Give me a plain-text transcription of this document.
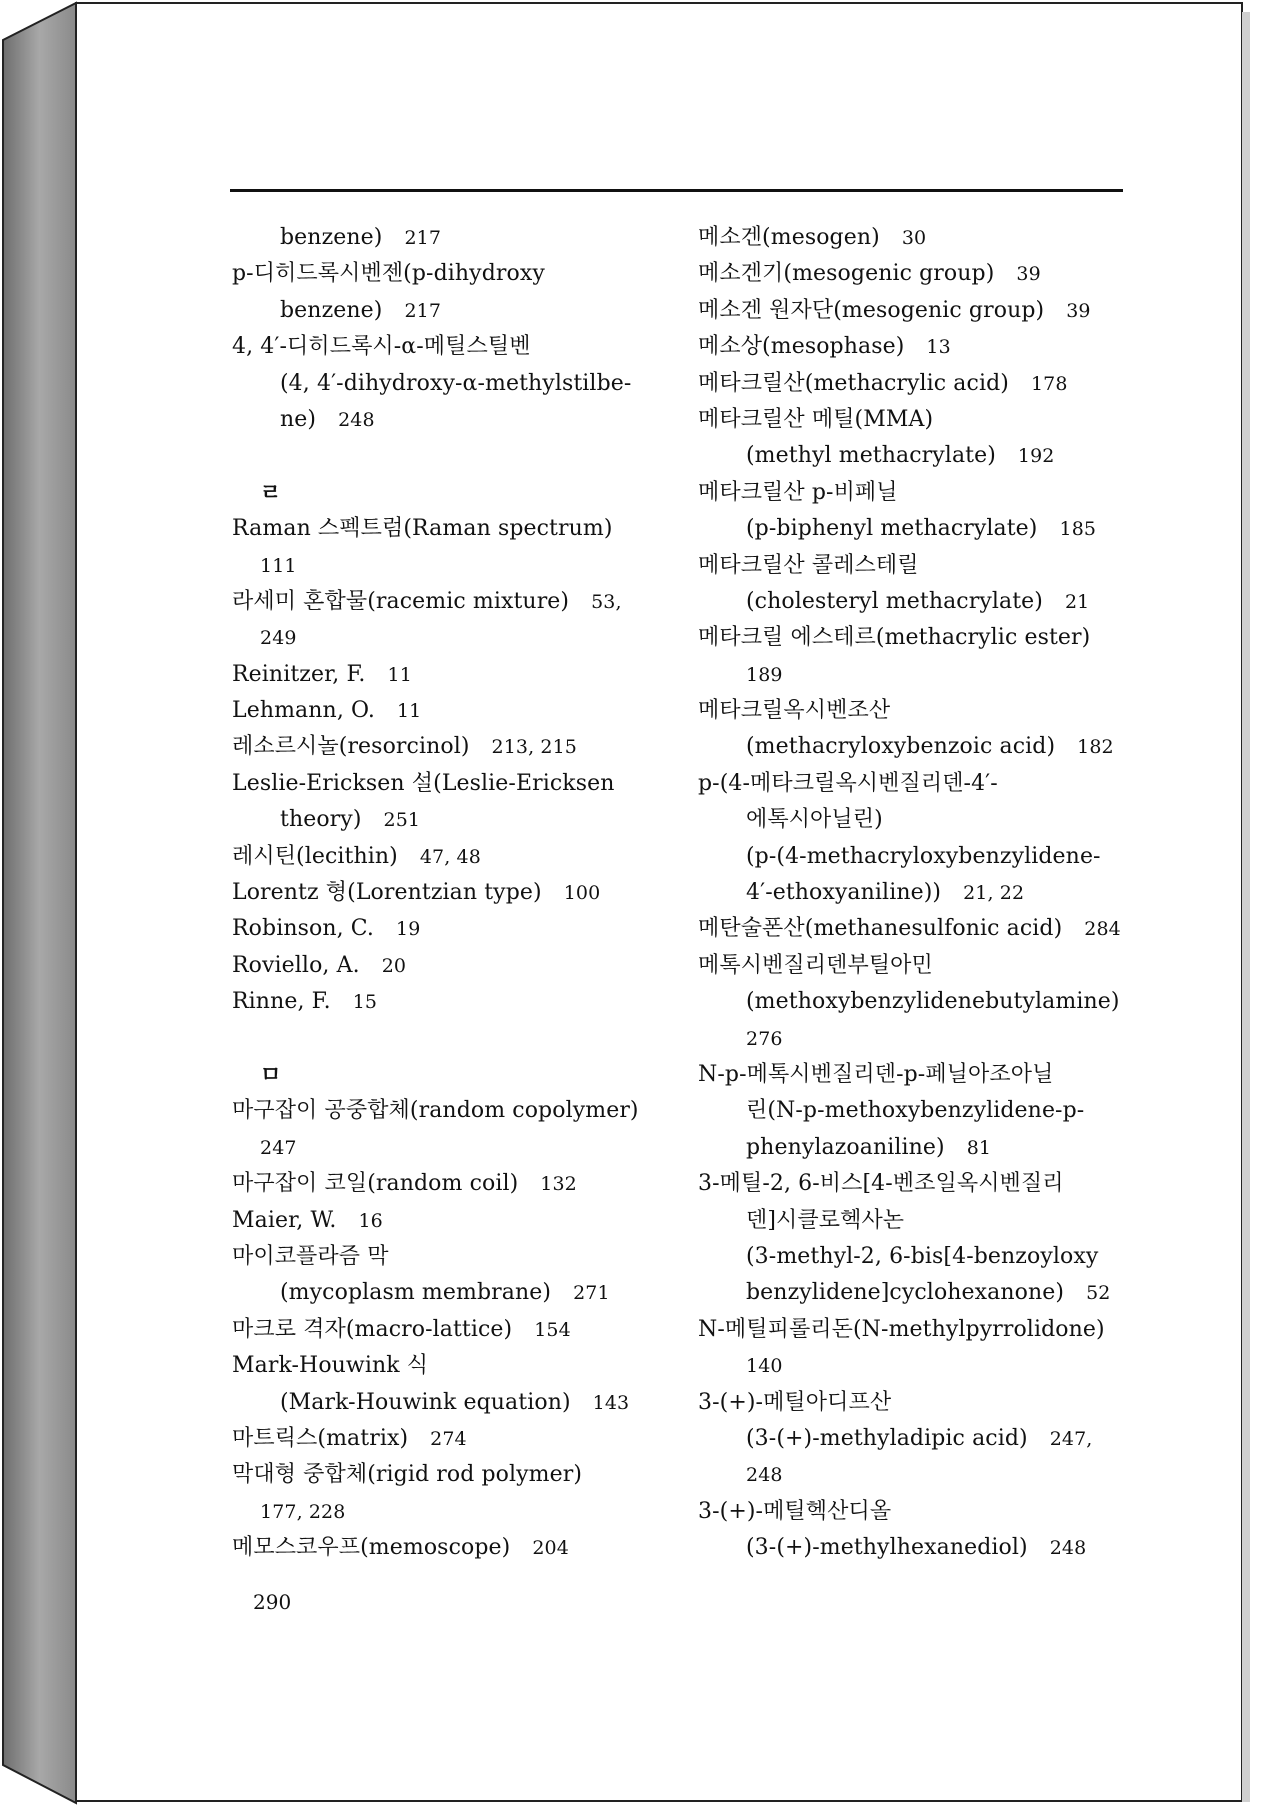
benzene) 217
p-디히드록시벤젠(p-dihydroxy
benzene) 217
4, 4′-디히드록시-α-메틸스틸벤
(4, 4′-dihydroxy-α-methylstilbe-
ne) 248
ㄹ
Raman 스펙트럼(Raman spectrum)
111
라세미 혼합물(racemic mixture) 53,
249
Reinitzer, F. 11
Lehmann, O. 11
레소르시놀(resorcinol) 213, 215
Leslie-Ericksen 설(Leslie-Ericksen
theory) 251
레시틴(lecithin) 47, 48
Lorentz 형(Lorentzian type) 100
Robinson, C. 19
Roviello, A. 20
Rinne, F. 15
ㅁ
마구잡이 공중합체(random copolymer)
247
마구잡이 코일(random coil) 132
Maier, W. 16
마이코플라즘 막
(mycoplasm membrane) 271
마크로 격자(macro-lattice) 154
Mark-Houwink 식
(Mark-Houwink equation) 143
마트릭스(matrix) 274
막대형 중합체(rigid rod polymer)
177, 228
메모스코우프(memoscope) 204
메소겐(mesogen) 30
메소겐기(mesogenic group) 39
메소겐 원자단(mesogenic group) 39
메소상(mesophase) 13
메타크릴산(methacrylic acid) 178
메타크릴산 메틸(MMA)
(methyl methacrylate) 192
메타크릴산 p-비페닐
(p-biphenyl methacrylate) 185
메타크릴산 콜레스테릴
(cholesteryl methacrylate) 21
메타크릴 에스테르(methacrylic ester)
189
메타크릴옥시벤조산
(methacryloxybenzoic acid) 182
p-(4-메타크릴옥시벤질리덴-4′-
에톡시아닐린)
(p-(4-methacryloxybenzylidene-
4′-ethoxyaniline)) 21, 22
메탄술폰산(methanesulfonic acid) 284
메톡시벤질리덴부틸아민
(methoxybenzylidenebutylamine)
276
N-p-메톡시벤질리덴-p-페닐아조아닐
린(N-p-methoxybenzylidene-p-
phenylazoaniline) 81
3-메틸-2, 6-비스[4-벤조일옥시벤질리
덴]시클로헥사논
(3-methyl-2, 6-bis[4-benzoyloxy
benzylidene]cyclohexanone) 52
N-메틸피롤리돈(N-methylpyrrolidone)
140
3-(+)-메틸아디프산
(3-(+)-methyladipic acid) 247,
248
3-(+)-메틸헥산디올
(3-(+)-methylhexanediol) 248
290
